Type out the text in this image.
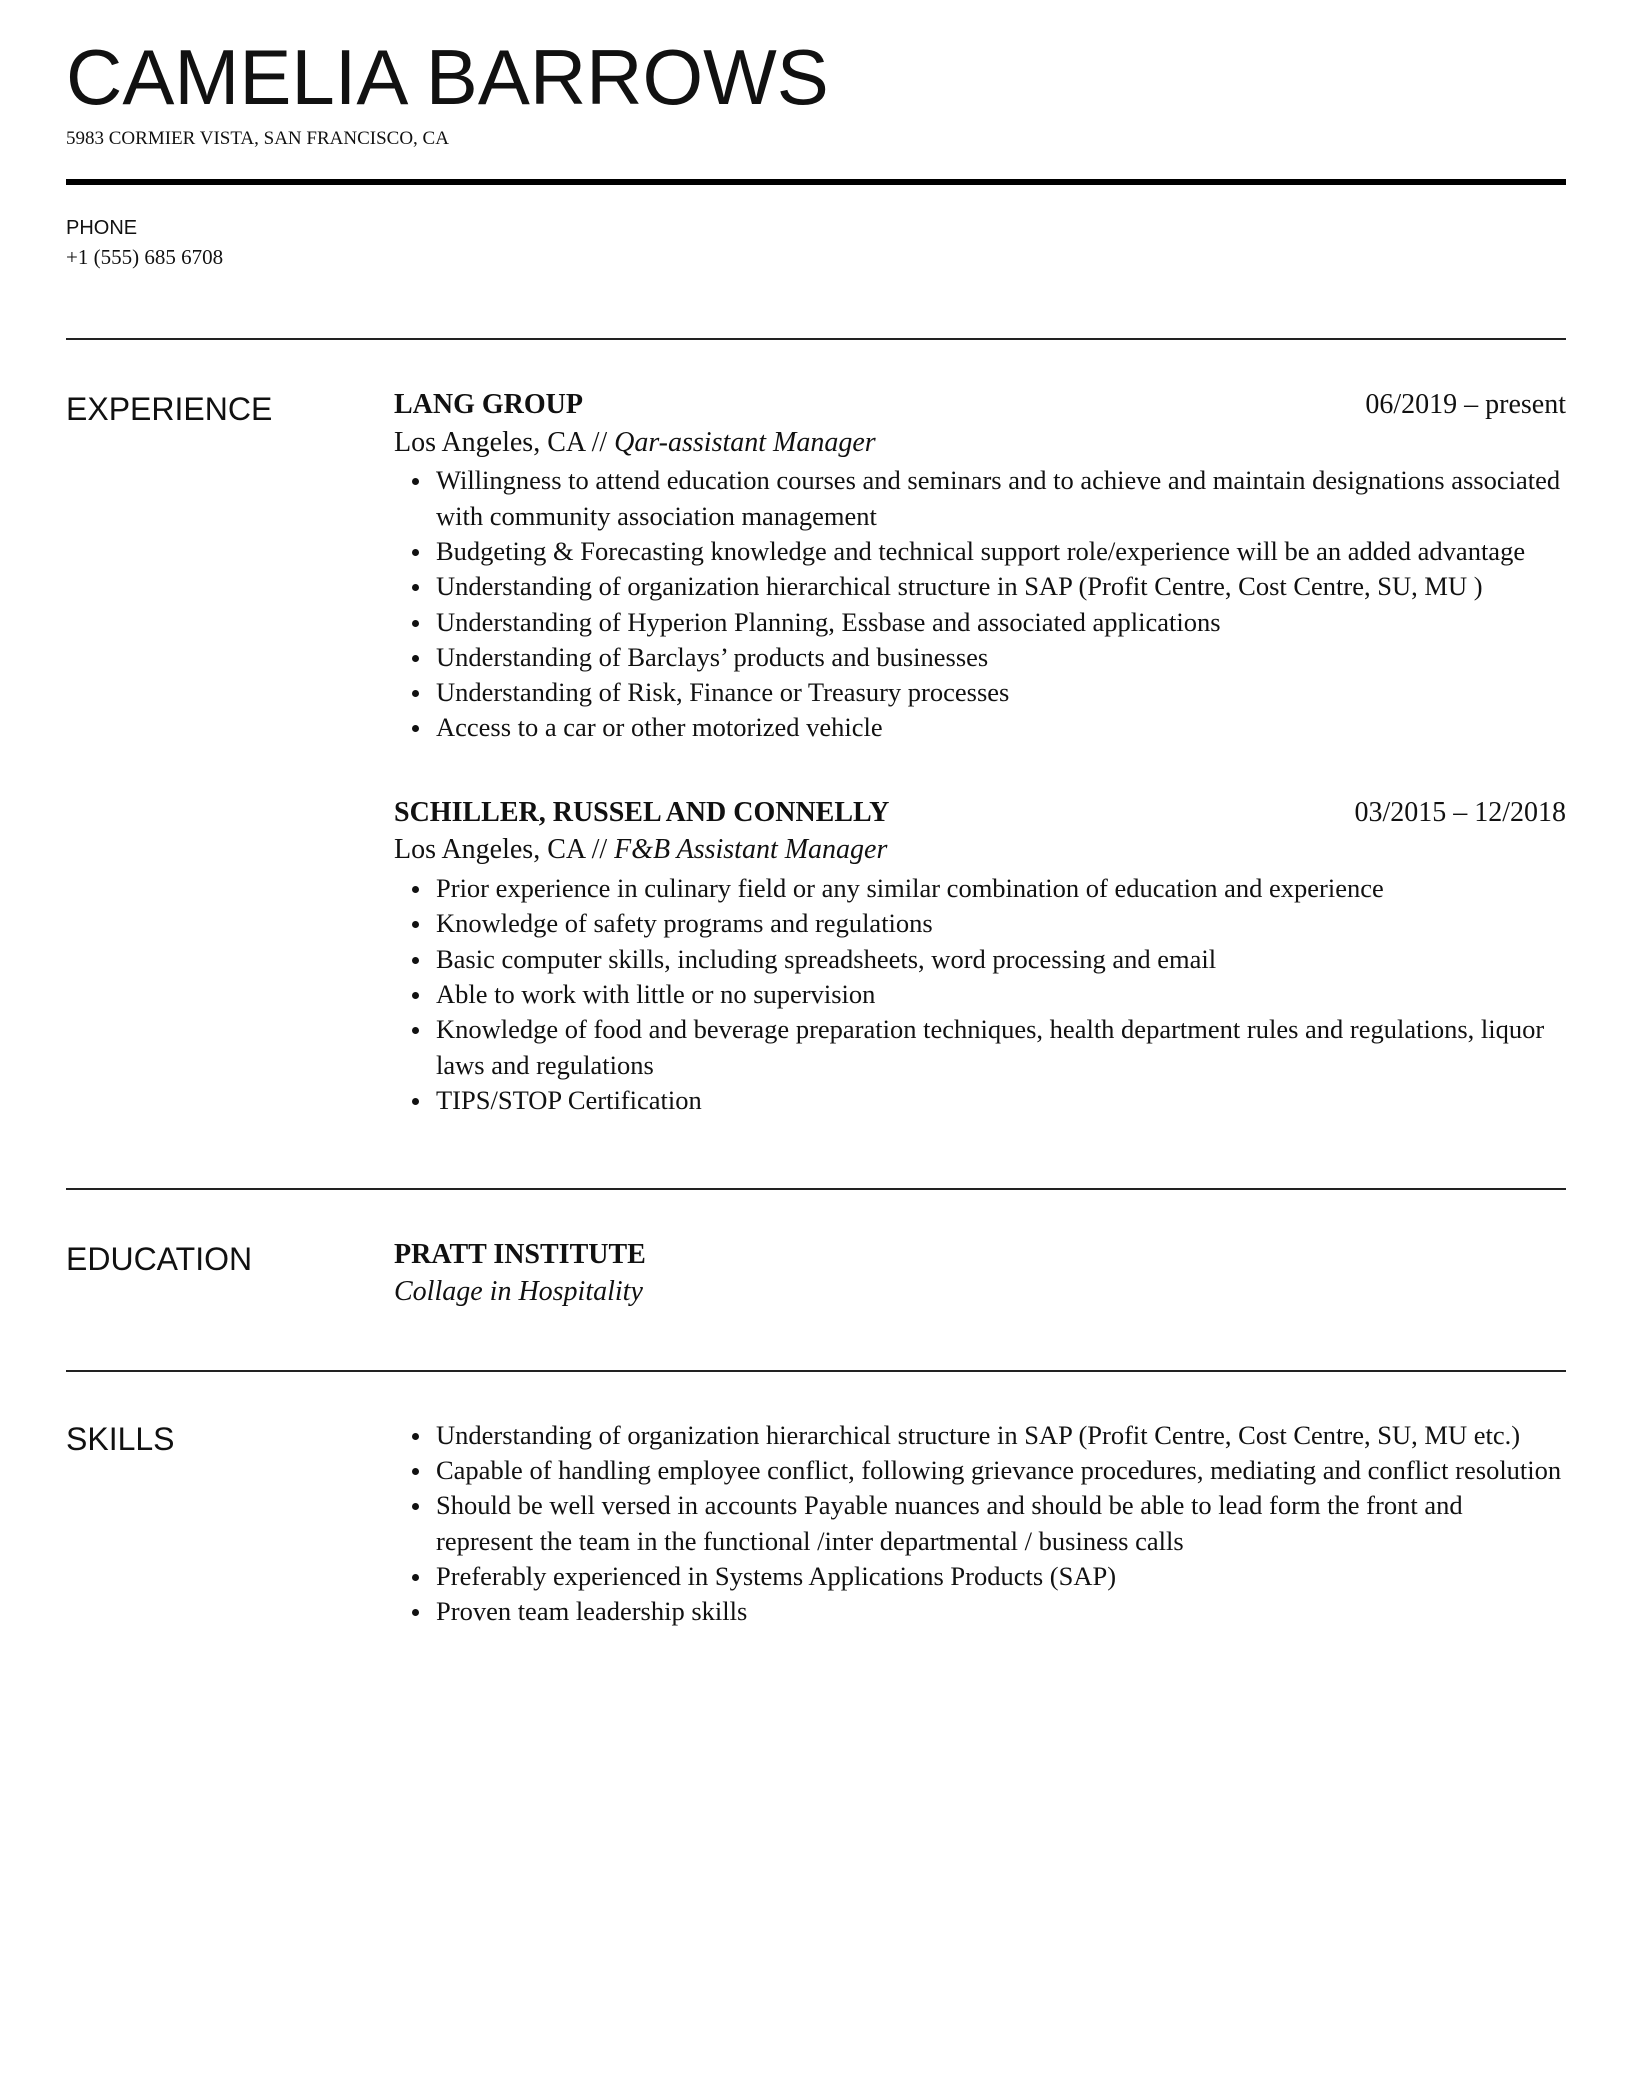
CAMELIA BARROWS
5983 CORMIER VISTA, SAN FRANCISCO, CA
PHONE
+1 (555) 685 6708
EXPERIENCE	LANG GROUP	06/2019 – present
Los Angeles, CA // Qar-assistant Manager
Willingness to attend education courses and seminars and to achieve and maintain designations associated with community association management
Budgeting & Forecasting knowledge and technical support role/experience will be an added advantage
Understanding of organization hierarchical structure in SAP (Profit Centre, Cost Centre, SU, MU )
Understanding of Hyperion Planning, Essbase and associated applications
Understanding of Barclays’ products and businesses
Understanding of Risk, Finance or Treasury processes
Access to a car or other motorized vehicle
SCHILLER, RUSSEL AND CONNELLY	03/2015 – 12/2018
Los Angeles, CA // F&B Assistant Manager
Prior experience in culinary field or any similar combination of education and experience
Knowledge of safety programs and regulations
Basic computer skills, including spreadsheets, word processing and email
Able to work with little or no supervision
Knowledge of food and beverage preparation techniques, health department rules and regulations, liquor laws and regulations
TIPS/STOP Certification
EDUCATION	PRATT INSTITUTE
Collage in Hospitality
SKILLS	Understanding of organization hierarchical structure in SAP (Profit Centre, Cost Centre, SU, MU etc.)
Capable of handling employee conflict, following grievance procedures, mediating and conflict resolution
Should be well versed in accounts Payable nuances and should be able to lead form the front and represent the team in the functional /inter departmental / business calls
Preferably experienced in Systems Applications Products (SAP)
Proven team leadership skills
